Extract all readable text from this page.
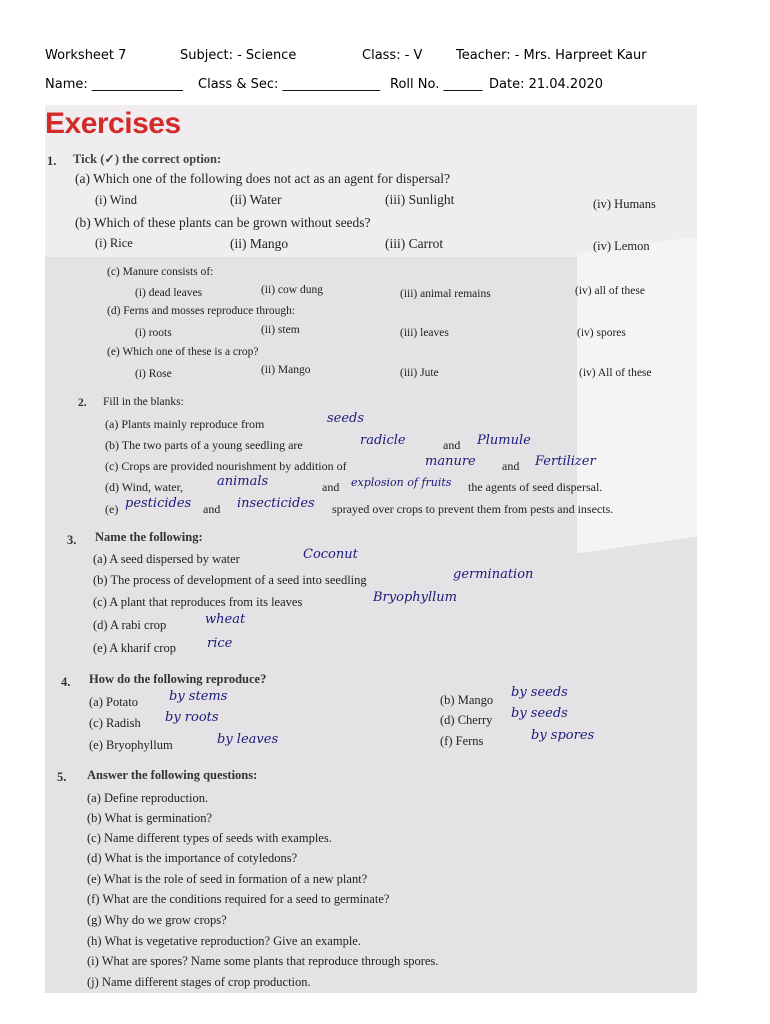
Worksheet 7	Subject: - Science	Class: - V	Teacher: - Mrs. Harpreet Kaur
Name: ______________ Class & Sec: _______________ Roll No. ______ Date: 21.04.2020
Exercises
1. Tick (✓) the correct option:
(a) Which one of the following does not act as an agent for dispersal?
(i) Wind	(ii) Water	(iii) Sunlight	(iv) Humans
(b) Which of these plants can be grown without seeds?
(i) Rice	(ii) Mango	(iii) Carrot	(iv) Lemon
(c) Manure consists of:
(i) dead leaves	(ii) cow dung	(iii) animal remains	(iv) all of these
(d) Ferns and mosses reproduce through:
(i) roots	(ii) stem	(iii) leaves	(iv) spores
(e) Which one of these is a crop?
(i) Rose	(ii) Mango	(iii) Jute	(iv) All of these
2. Fill in the blanks:
(a) Plants mainly reproduce from	seeds
(b) The two parts of a young seedling are	radicle	and Plumule
(c) Crops are provided nourishment by addition of	manure and Fertilizer
(d) Wind, water,	animals	and explosion of fruits the agents of seed dispersal.
(e) pesticides and insecticides sprayed over crops to prevent them from pests and insects.
3. Name the following:
(a) A seed dispersed by water	Coconut
(b) The process of development of a seed into seedling	germination
(c) A plant that reproduces from its leaves	Bryophyllum
(d) A rabi crop	wheat
(e) A kharif crop rice
4. How do the following reproduce?
(a) Potato by stems	(b) Mango by seeds
(c) Radish by roots	(d) Cherry by seeds
(e) Bryophyllum	by leaves	(f) Ferns	by spores
5. Answer the following questions:
(a) Define reproduction.
(b) What is germination?
(c) Name different types of seeds with examples.
(d) What is the importance of cotyledons?
(e) What is the role of seed in formation of a new plant?
(f) What are the conditions required for a seed to germinate?
(g) Why do we grow crops?
(h) What is vegetative reproduction? Give an example.
(i) What are spores? Name some plants that reproduce through spores.
(j) Name different stages of crop production.
